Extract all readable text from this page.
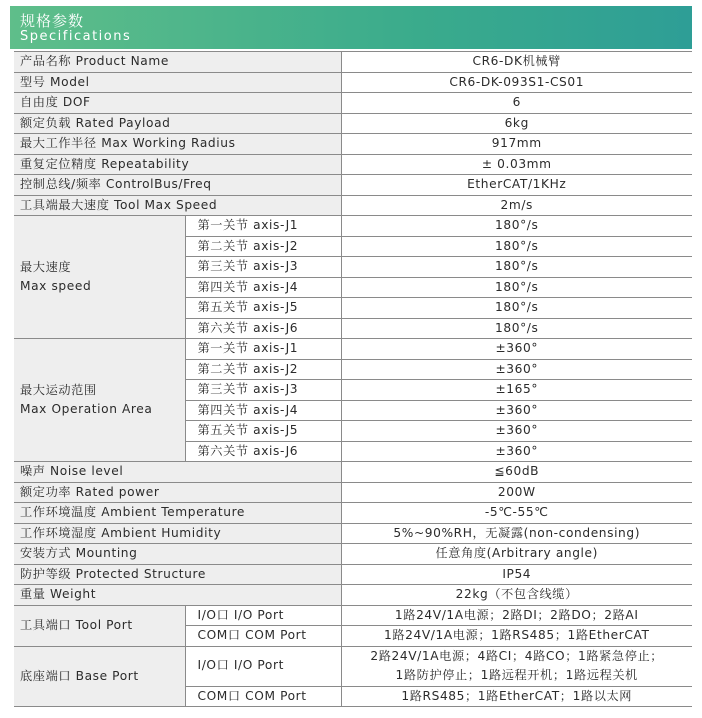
规格参数
Specifications
产品名称 Product Name		CR6-DK机械臂
型号 Model		CR6-DK-093S1-CS01
自由度 DOF		6
额定负载 Rated Payload		6kg
最大工作半径 Max Working Radius		917mm
重复定位精度 Repeatability		± 0.03mm
控制总线/频率 ControlBus/Freq		EtherCAT/1KHz
工具端最大速度 Tool Max Speed		2m/s

最大速度
Max speed	第一关节 axis-J1	180°/s
	第二关节 axis-J2	180°/s
	第三关节 axis-J3	180°/s
	第四关节 axis-J4	180°/s
	第五关节 axis-J5	180°/s
	第六关节 axis-J6	180°/s

最大运动范围
Max Operation Area	第一关节 axis-J1	±360°
	第二关节 axis-J2	±360°
	第三关节 axis-J3	±165°
	第四关节 axis-J4	±360°
	第五关节 axis-J5	±360°
	第六关节 axis-J6	±360°
噪声 Noise level		≦60dB
额定功率 Rated power		200W
工作环境温度 Ambient Temperature		-5℃-55℃
工作环境湿度 Ambient Humidity		5%~90%RH，无凝露(non-condensing)
安装方式 Mounting		任意角度(Arbitrary angle)
防护等级 Protected Structure		IP54
重量 Weight		22kg（不包含线缆）
工具端口 Tool Port	I/O口 I/O Port	1路24V/1A电源；2路DI；2路DO；2路AI
	COM口 COM Port	1路24V/1A电源；1路RS485；1路EtherCAT
底座端口 Base Port	I/O口 I/O Port	2路24V/1A电源；4路CI；4路CO；1路紧急停止；
1路防护停止；1路远程开机；1路远程关机

	COM口 COM Port	1路RS485；1路EtherCAT；1路以太网
